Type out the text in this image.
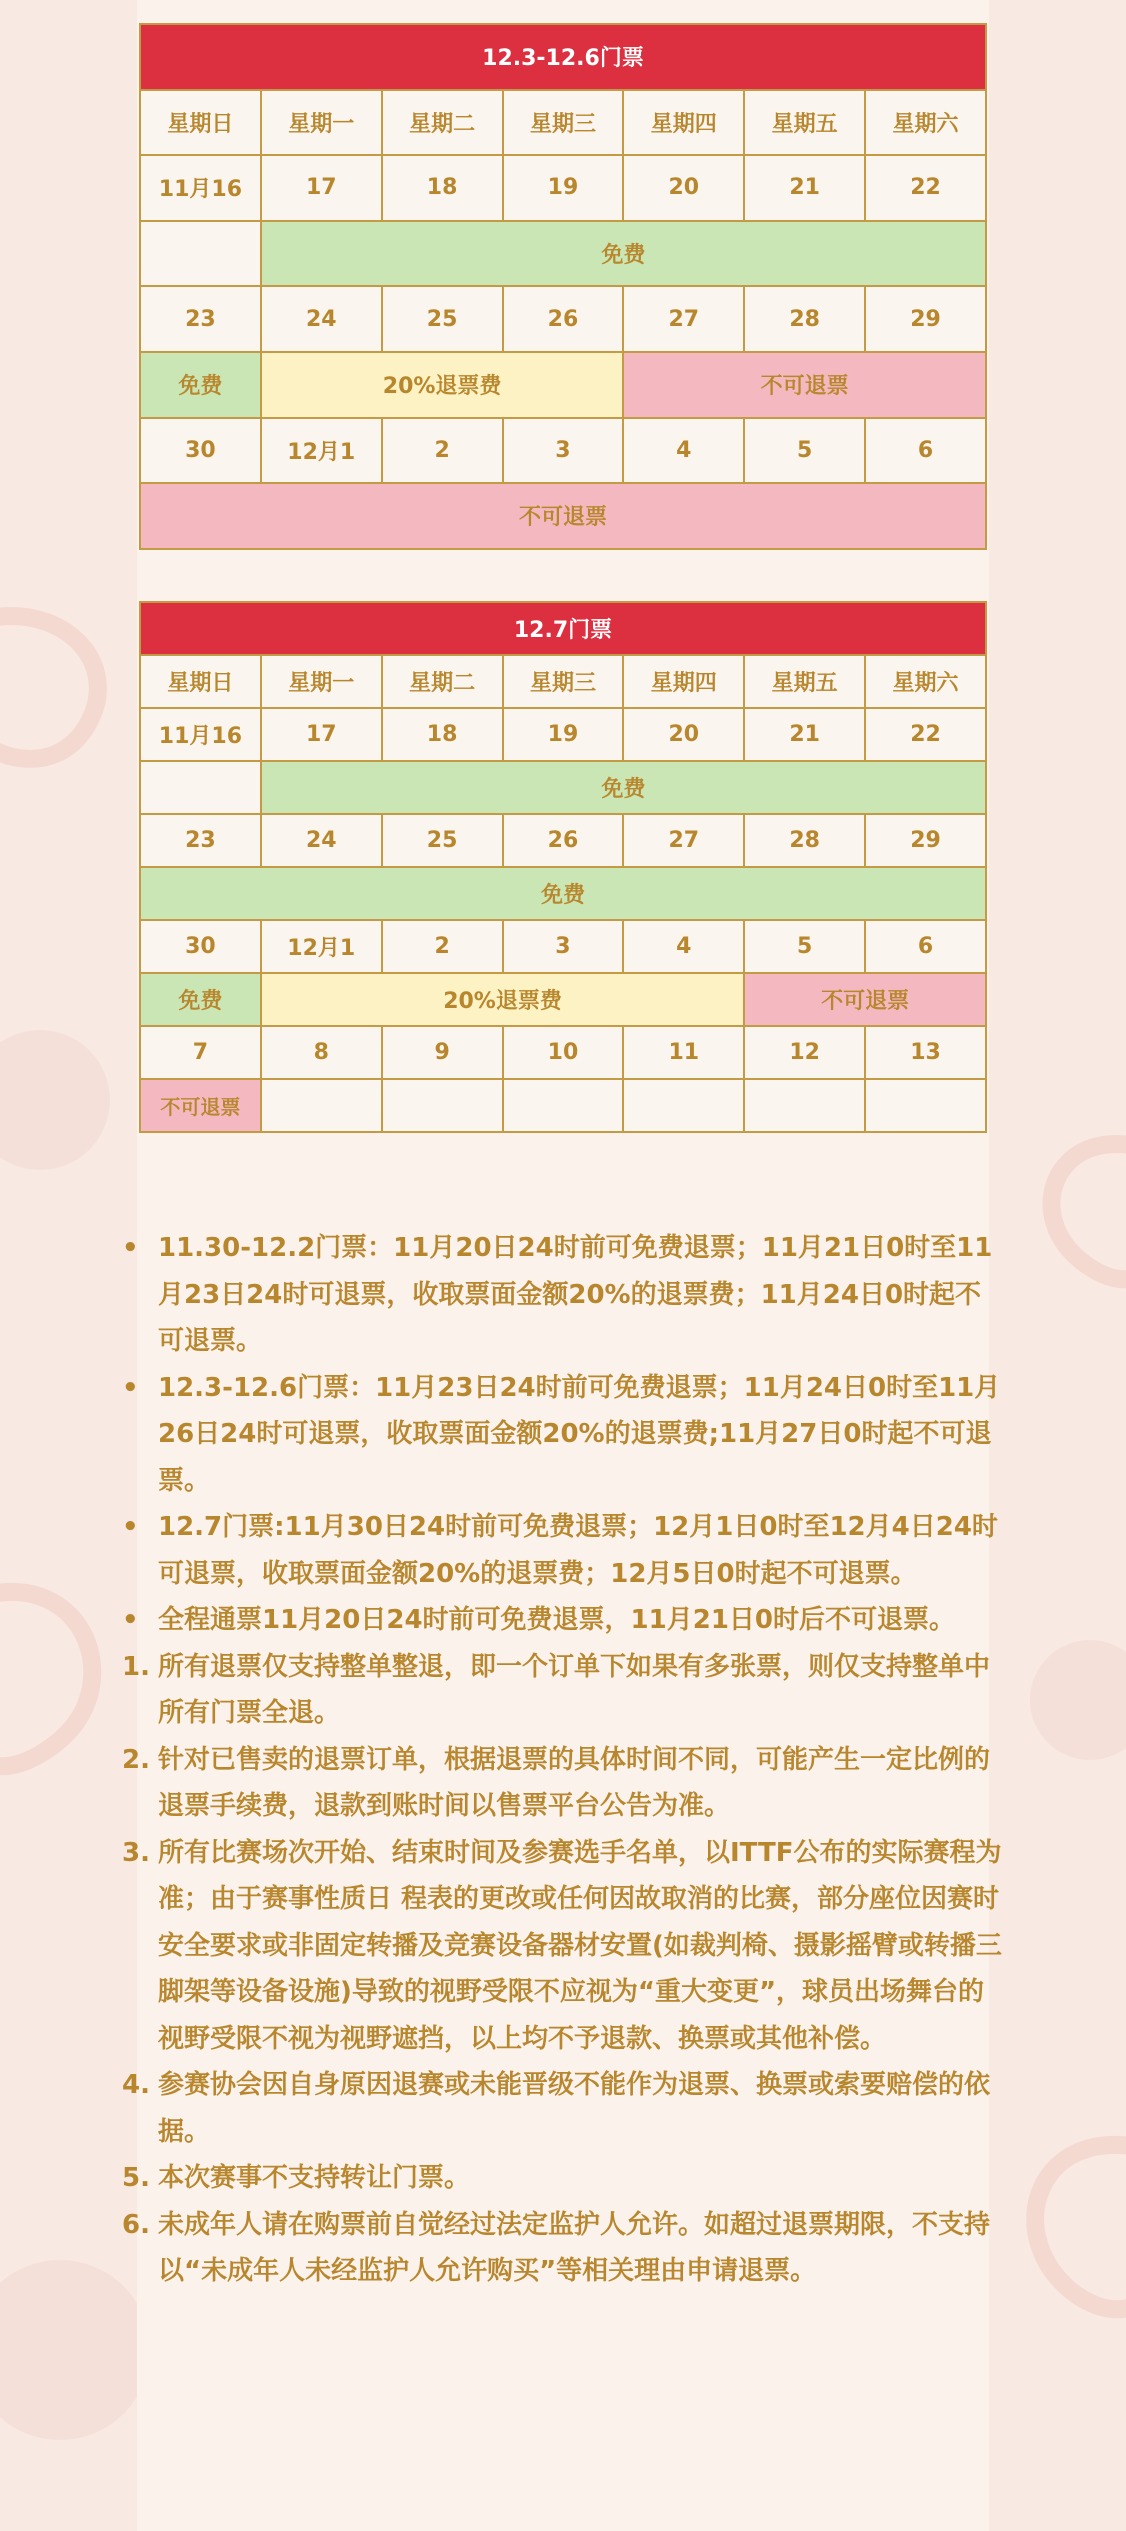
12.3-12.6门票						
星期日	星期一	星期二	星期三	星期四	星期五	星期六
11月16	17	18	19	20	21	22
	免费					
23	24	25	26	27	28	29
免费	20%退票费			不可退票		
30	12月1	2	3	4	5	6
不可退票						
12.7门票						
星期日	星期一	星期二	星期三	星期四	星期五	星期六
11月16	17	18	19	20	21	22
	免费					
23	24	25	26	27	28	29
免费						
30	12月1	2	3	4	5	6
免费	20%退票费				不可退票	
7	8	9	10	11	12	13
不可退票						
• 11.30-12.2门票：11月20日24时前可免费退票；11月21日0时至11月23日24时可退票，收取票面金额20%的退票费；11月24日0时起不可退票。
• 12.3-12.6门票：11月23日24时前可免费退票；11月24日0时至11月26日24时可退票，收取票面金额20%的退票费;11月27日0时起不可退票。
• 12.7门票:11月30日24时前可免费退票；12月1日0时至12月4日24时可退票，收取票面金额20%的退票费；12月5日0时起不可退票。
• 全程通票11月20日24时前可免费退票，11月21日0时后不可退票。
1. 所有退票仅支持整单整退，即一个订单下如果有多张票，则仅支持整单中所有门票全退。
2. 针对已售卖的退票订单，根据退票的具体时间不同，可能产生一定比例的退票手续费，退款到账时间以售票平台公告为准。
3. 所有比赛场次开始、结束时间及参赛选手名单，以ITTF公布的实际赛程为准；由于赛事性质日 程表的更改或任何因故取消的比赛，部分座位因赛时安全要求或非固定转播及竞赛设备器材安置(如裁判椅、摄影摇臂或转播三脚架等设备设施)导致的视野受限不应视为“重大变更”，球员出场舞台的视野受限不视为视野遮挡，以上均不予退款、换票或其他补偿。
4. 参赛协会因自身原因退赛或未能晋级不能作为退票、换票或索要赔偿的依据。
5. 本次赛事不支持转让门票。
6. 未成年人请在购票前自觉经过法定监护人允许。如超过退票期限，不支持以“未成年人未经监护人允许购买”等相关理由申请退票。
